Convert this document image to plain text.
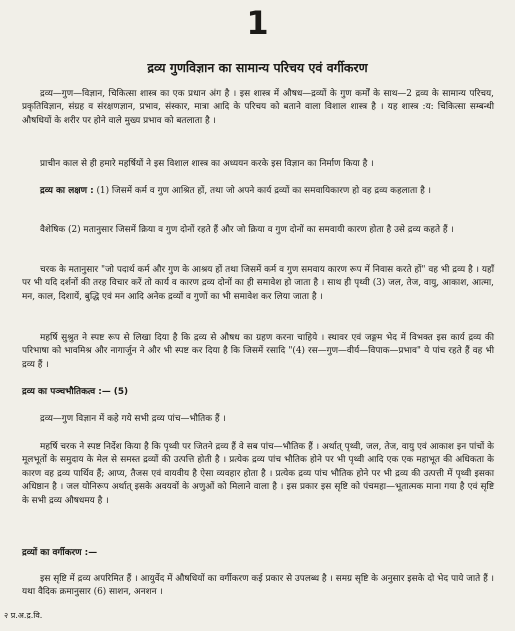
1
द्रव्य गुणविज्ञान का सामान्य परिचय एवं वर्गीकरण

द्रव्य—गुण—विज्ञान, चिकित्सा शास्त्र का एक प्रधान अंग है । इस शास्त्र में औषध—द्रव्यों के गुण कर्मों के साथ—2 द्रव्य के सामान्य परिचय, प्रकृतिविज्ञान, संग्रह व संरक्षणज्ञान, प्रभाव, संस्कार, मात्रा आदि के परिचय को बताने वाला विशाल शास्त्र है । यह शास्त्र :य: चिकित्सा सम्बन्धी औषधियों के शरीर पर होने वाले मुख्य प्रभाव को बतलाता है ।

प्राचीन काल से ही हमारे महर्षियों ने इस विशाल शास्त्र का अध्ययन करके इस विज्ञान का निर्माण किया है ।

द्रव्य का लक्षण : (1) जिसमें कर्म व गुण आश्रित हों, तथा जो अपने कार्य द्रव्यों का समवायिकारण हो वह द्रव्य कहलाता है ।

वैशेषिक (2) मतानुसार जिसमें क्रिया व गुण दोनों रहते हैं और जो क्रिया व गुण दोनों का समवायी कारण होता है उसे द्रव्य कहते हैं ।

चरक के मतानुसार "जो पदार्थ कर्म और गुण के आश्रय हों तथा जिसमें कर्म व गुण समवाय कारण रूप में निवास करते हों" वह भी द्रव्य है । यहाँ पर भी यदि दर्शनों की तरह विचार करें तो कार्य व कारण द्रव्य दोनों का ही समावेश हो जाता है । साथ ही पृथ्वी (3) जल, तेज, वायु, आकाश, आत्मा, मन, काल, दिशायें, बुद्धि एवं मन आदि अनेक द्रव्यों व गुणों का भी समावेश कर लिया जाता है ।

महर्षि सुश्रुत ने स्पष्ट रूप से लिखा दिया है कि द्रव्य से औषध का ग्रहण करना चाहिये । स्थावर एवं जङ्गम भेद में विभक्त इस कार्य द्रव्य की परिभाषा को भावमिश्र और नागार्जुन ने और भी स्पष्ट कर दिया है कि जिसमें रसादि "(4) रस—गुण—वीर्य—विपाक—प्रभाव" ये पांच रहते हैं वह भी द्रव्य हैं ।

द्रव्य का पञ्चभौतिकत्व :— (5)

द्रव्य—गुण विज्ञान में कहे गये सभी द्रव्य पांच—भौतिक हैं ।

महर्षि चरक ने स्पष्ट निर्देश किया है कि पृथ्वी पर जितने द्रव्य हैं वे सब पांच—भौतिक हैं । अर्थात् पृथ्वी, जल, तेज, वायु एवं आकाश इन पांचों के मूलभूतों के समुदाय के मेल से समस्त द्रव्यों की उत्पत्ति होती है । प्रत्येक द्रव्य पांच भौतिक होने पर भी पृथ्वी आदि एक एक महाभूत की अधिकता के कारण वह द्रव्य पार्थिव हैं; आप्य, तैजस एवं वायवीय है ऐसा व्यवहार होता है । प्रत्येक द्रव्य पांच भौतिक होने पर भी द्रव्य की उत्पत्ती में पृथ्वी इसका अधिष्ठान है । जल योनिरूप अर्थात् इसके अवयवों के अणुओं को मिलाने वाला है । इस प्रकार इस सृष्टि को पंचमहा—भूतात्मक माना गया है एवं सृष्टि के सभी द्रव्य औषधमय है ।

द्रव्यों का वर्गीकरण :—

इस सृष्टि में द्रव्य अपरिमित हैं । आयुर्वेद में औषधियों का वर्गीकरण कई प्रकार से उपलब्ध है । समग्र सृष्टि के अनुसार इसके दो भेद पाये जाते हैं । यथा वैदिक क्रमानुसार (6) साशन, अनशन ।

२ प्र.अ.द्र.वि.
